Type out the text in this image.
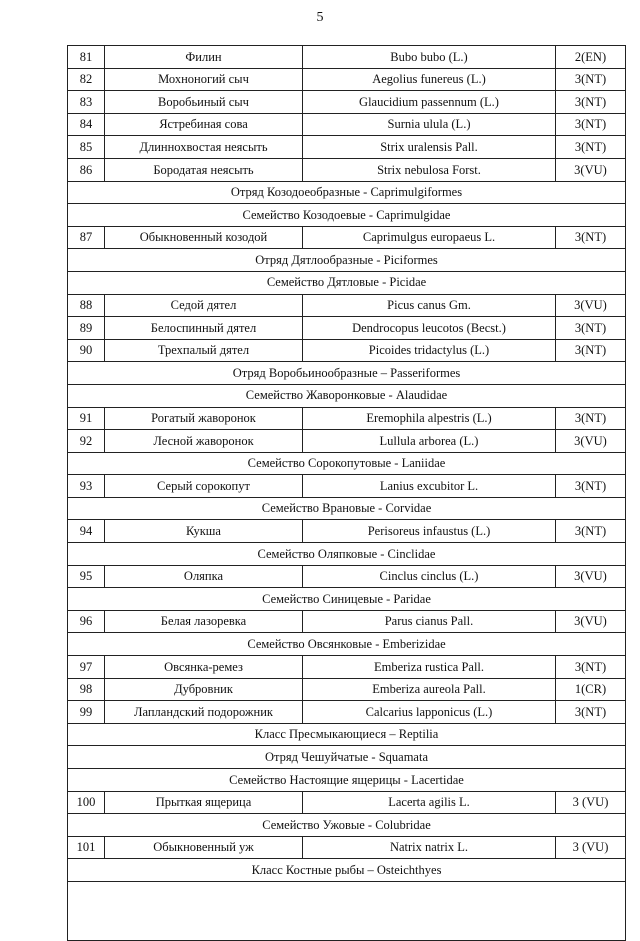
5
81	Филин	Bubo bubo (L.)	2(EN)
82	Мохноногий сыч	Aegolius funereus (L.)	3(NT)
83	Воробьиный сыч	Glaucidium passennum (L.)	3(NT)
84	Ястребиная сова	Surnia ulula (L.)	3(NT)
85	Длиннохвостая неясыть	Strix uralensis Pall.	3(NT)
86	Бородатая неясыть	Strix nebulosa Forst.	3(VU)
Отряд Козодоеобразные - Caprimulgiformes			
Семейство Козодоевые - Caprimulgidae			
87	Обыкновенный козодой	Caprimulgus europaeus L.	3(NT)
Отряд Дятлообразные - Piciformes			
Семейство Дятловые - Picidae			
88	Седой дятел	Picus canus Gm.	3(VU)
89	Белоспинный дятел	Dendrocopus leucotos (Becst.)	3(NT)
90	Трехпалый дятел	Picoides tridactylus (L.)	3(NT)
Отряд Воробьинообразные – Passeriformes			
Семейство Жаворонковые - Alaudidae			
91	Рогатый жаворонок	Eremophila alpestris (L.)	3(NT)
92	Лесной жаворонок	Lullula arborea (L.)	3(VU)
Семейство Сорокопутовые - Laniidae			
93	Серый сорокопут	Lanius excubitor L.	3(NT)
Семейство Врановые - Corvidae			
94	Кукша	Perisoreus infaustus (L.)	3(NT)
Семейство Оляпковые - Cinclidae			
95	Оляпка	Cinclus cinclus (L.)	3(VU)
Семейство Синицевые - Paridae			
96	Белая лазоревка	Parus cianus Pall.	3(VU)
Семейство Овсянковые - Emberizidae			
97	Овсянка-ремез	Emberiza rustica Pall.	3(NT)
98	Дубровник	Emberiza aureola Pall.	1(CR)
99	Лапландский подорожник	Calcarius lapponicus (L.)	3(NT)
Класс Пресмыкающиеся – Reptilia			
Отряд Чешуйчатые - Squamata			
Семейство Настоящие ящерицы - Lacertidae			
100	Прыткая ящерица	Lacerta agilis L.	3 (VU)
Семейство Ужовые - Colubridae			
101	Обыкновенный уж	Natrix natrix L.	3 (VU)
Класс Костные рыбы – Osteichthyes			
